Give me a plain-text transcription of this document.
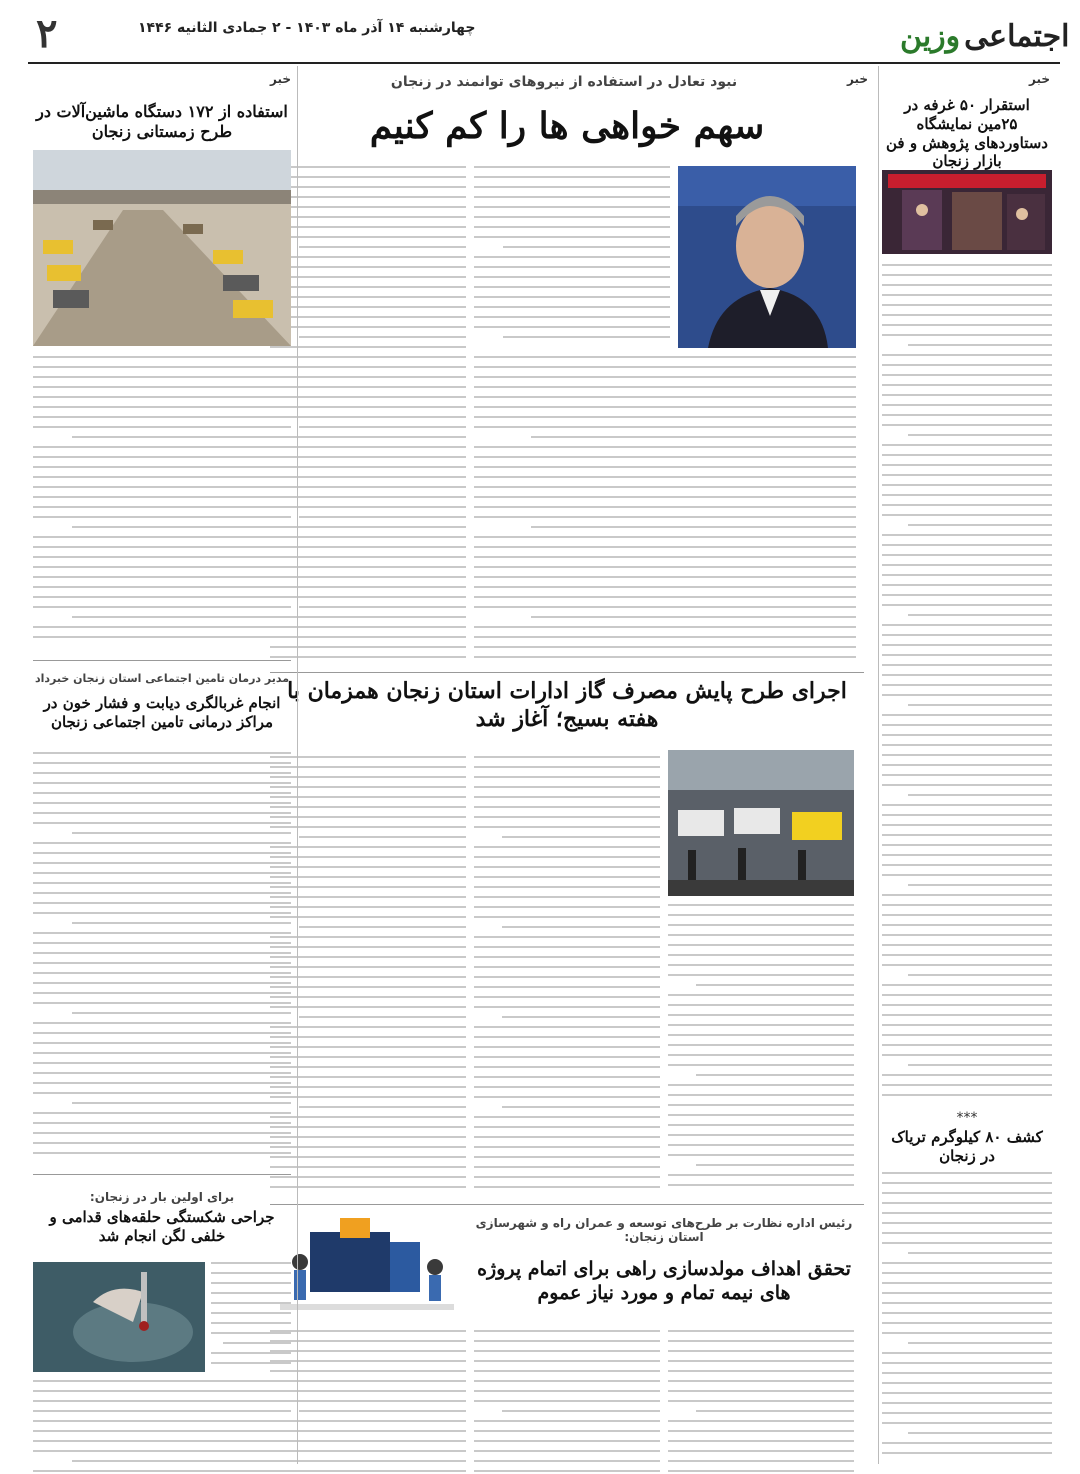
اجتماعی
وزین
چهارشنبه ۱۴ آذر ماه ۱۴۰۳ - ۲ جمادی الثانیه ۱۴۴۶
۲
خبر
استقرار ۵۰ غرفه در ۲۵مین نمایشگاه دستاوردهای پژوهش و فن بازار زنجان
***
کشف ۸۰ کیلوگرم تریاک در زنجان
خبر
نبود تعادل در استفاده از نیروهای توانمند در زنجان
سهم خواهی ها را کم کنیم
اجرای طرح پایش مصرف گاز ادارات استان زنجان همزمان با هفته بسیج؛ آغاز شد
رئیس اداره نظارت بر طرح‌های توسعه و عمران راه و شهرسازی استان زنجان:
تحقق اهداف مولدسازی راهی برای اتمام پروژه های نیمه تمام و مورد نیاز عموم
خبر
استفاده از ۱۷۲ دستگاه ماشین‌آلات در طرح زمستانی زنجان
مدیر درمان تامین اجتماعی استان زنجان خبرداد
انجام غربالگری دیابت و فشار خون در مراکز درمانی تامین اجتماعی زنجان
برای اولین بار در زنجان:
جراحی شکستگی حلقه‌های قدامی و خلفی لگن انجام شد
